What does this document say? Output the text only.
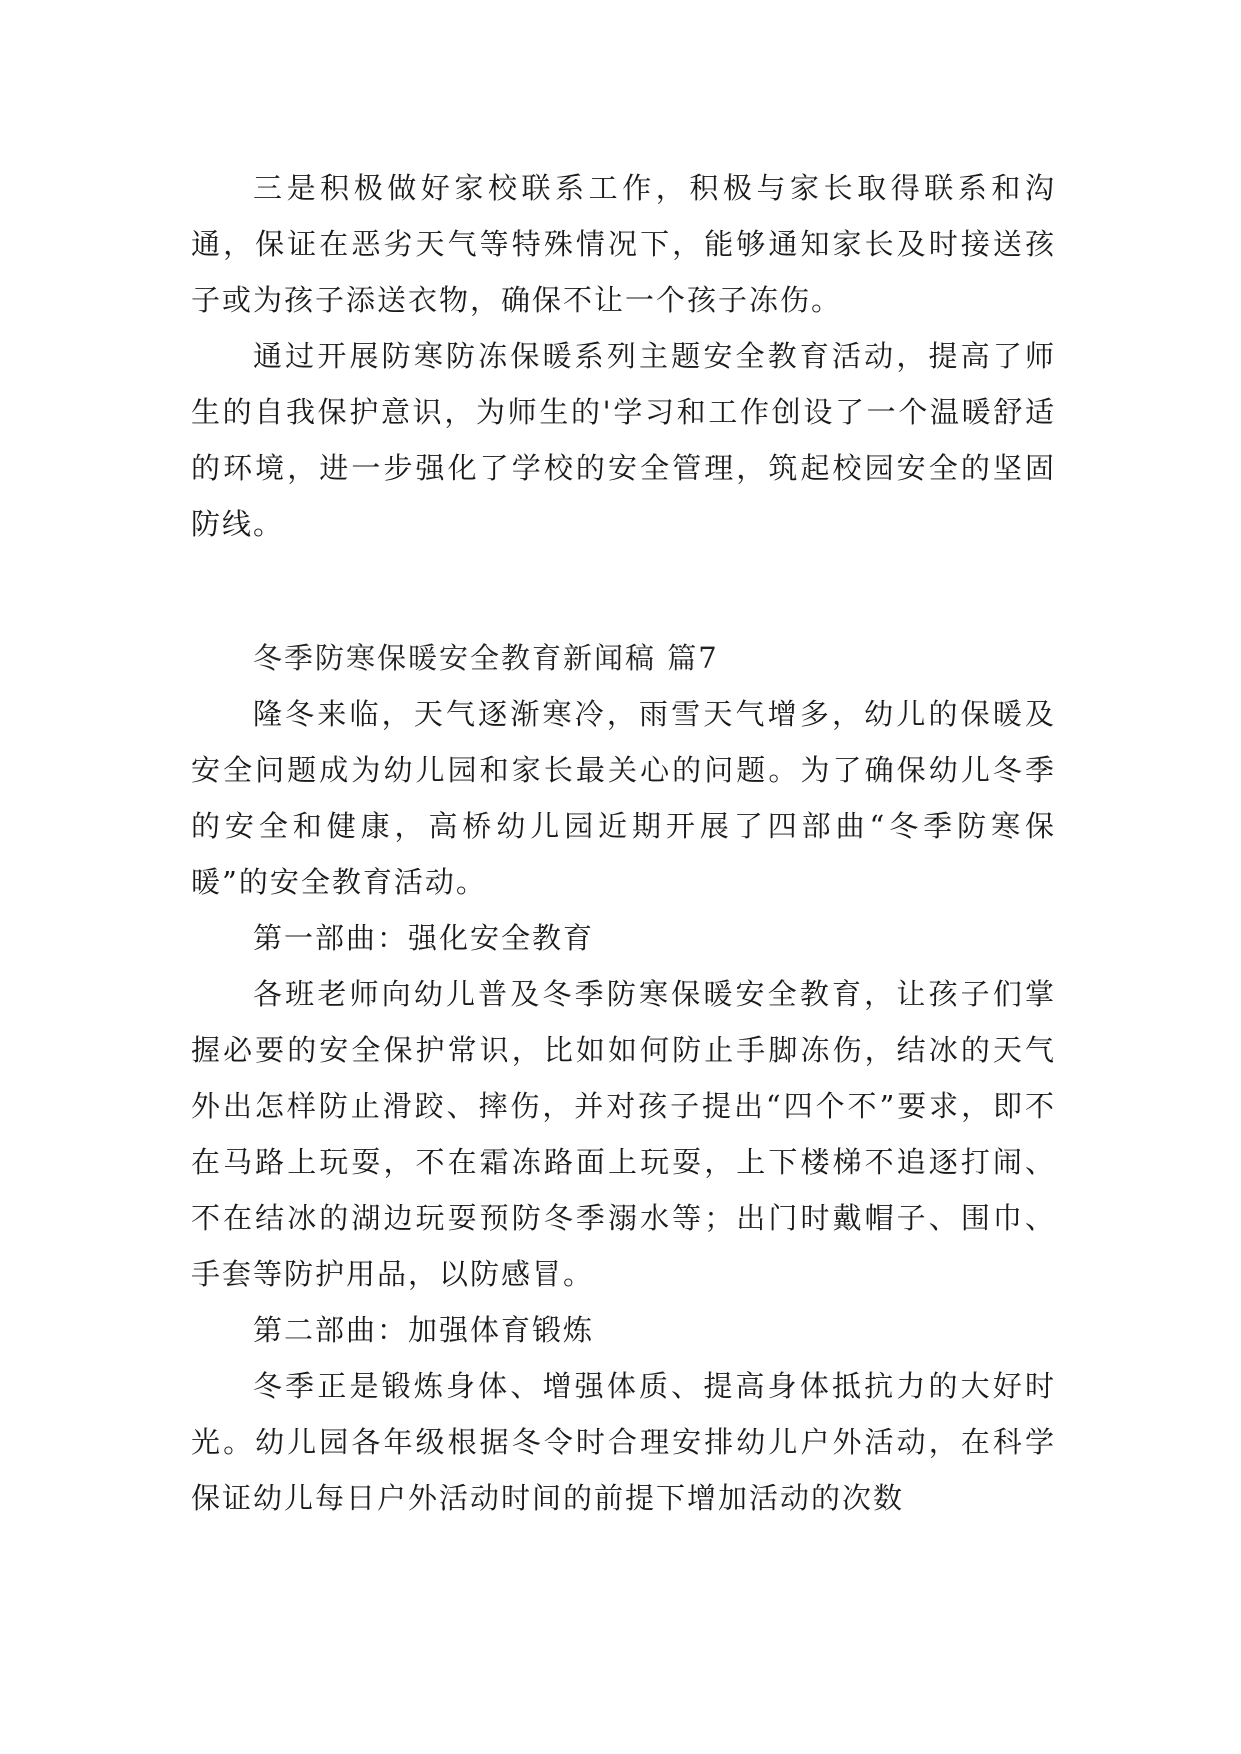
三是积极做好家校联系工作，积极与家长取得联系和沟通，保证在恶劣天气等特殊情况下，能够通知家长及时接送孩子或为孩子添送衣物，确保不让一个孩子冻伤。

通过开展防寒防冻保暖系列主题安全教育活动，提高了师生的自我保护意识，为师生的'学习和工作创设了一个温暖舒适的环境，进一步强化了学校的安全管理，筑起校园安全的坚固防线。

冬季防寒保暖安全教育新闻稿 篇7

隆冬来临，天气逐渐寒冷，雨雪天气增多，幼儿的保暖及安全问题成为幼儿园和家长最关心的问题。为了确保幼儿冬季的安全和健康，高桥幼儿园近期开展了四部曲“冬季防寒保暖”的安全教育活动。

第一部曲：强化安全教育

各班老师向幼儿普及冬季防寒保暖安全教育，让孩子们掌握必要的安全保护常识，比如如何防止手脚冻伤，结冰的天气外出怎样防止滑跤、摔伤，并对孩子提出“四个不”要求，即不在马路上玩耍，不在霜冻路面上玩耍，上下楼梯不追逐打闹、不在结冰的湖边玩耍预防冬季溺水等；出门时戴帽子、围巾、手套等防护用品，以防感冒。

第二部曲：加强体育锻炼

冬季正是锻炼身体、增强体质、提高身体抵抗力的大好时光。幼儿园各年级根据冬令时合理安排幼儿户外活动，在科学保证幼儿每日户外活动时间的前提下增加活动的次数
